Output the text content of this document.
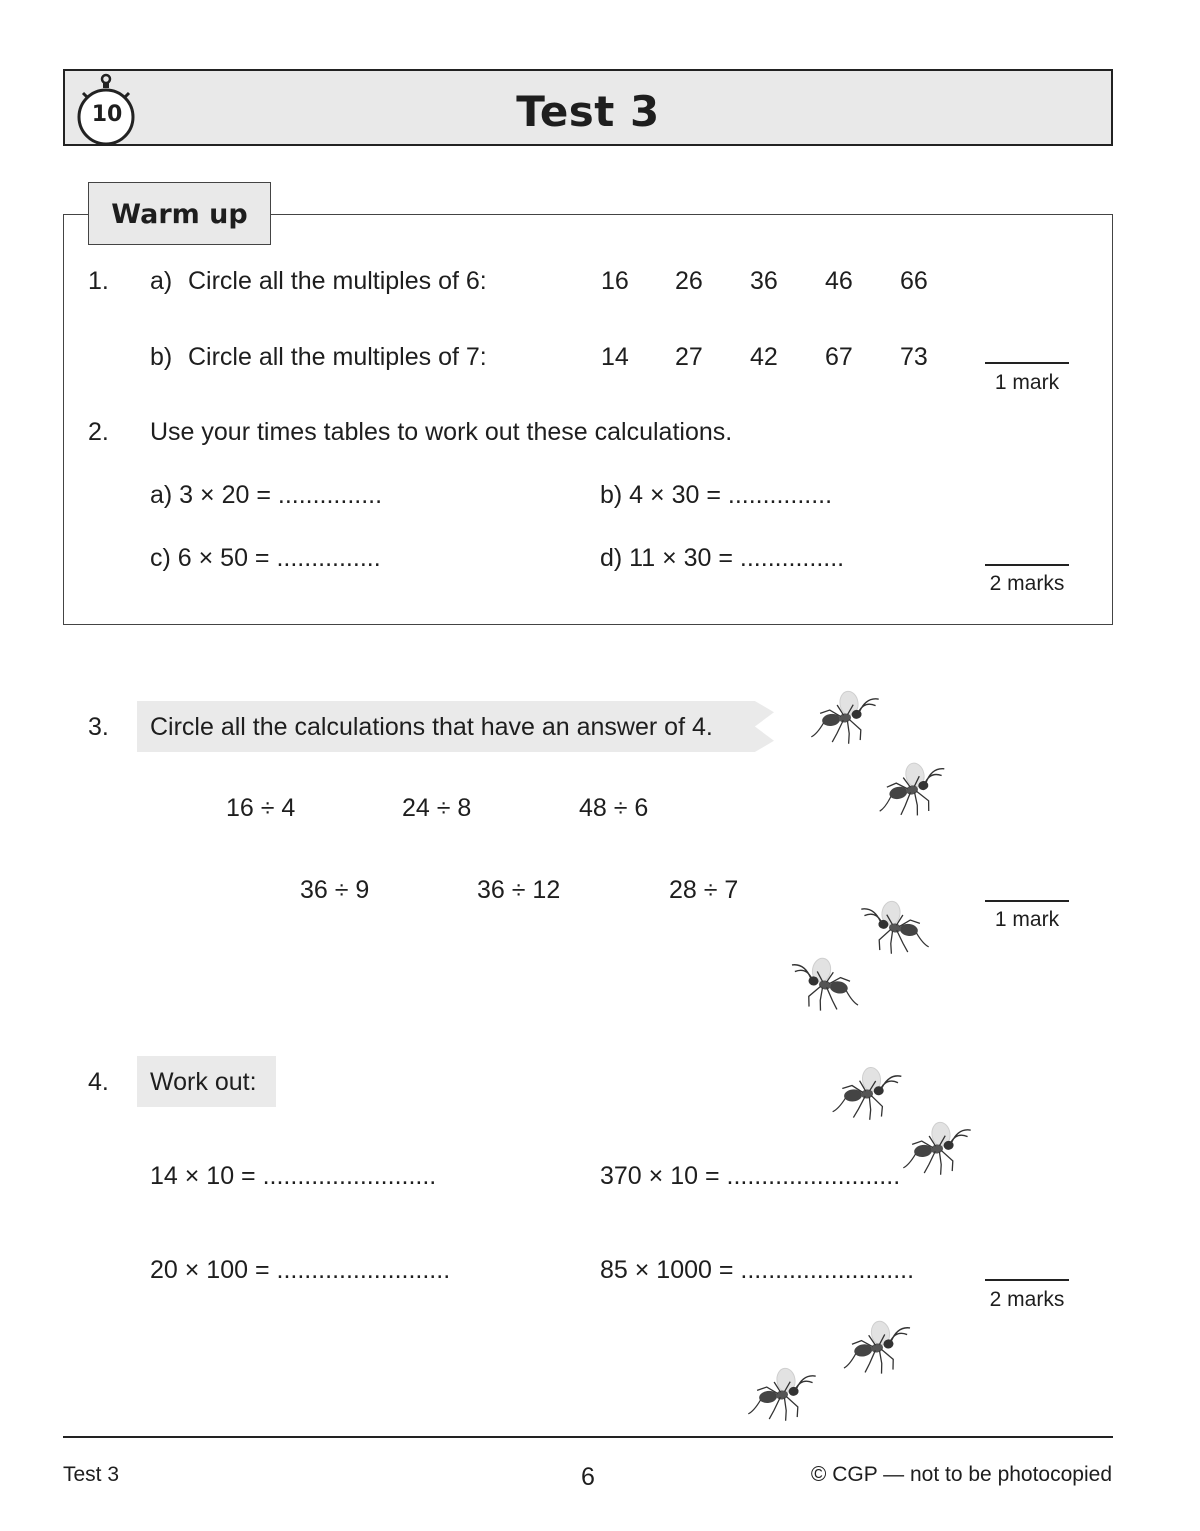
10	Test 3
Warm up
1. a) Circle all the multiples of 6:	16 26 36 46 66
b) Circle all the multiples of 7:	14 27 42 67 73
1 mark
2. Use your times tables to work out these calculations.
a) 3 × 20 = ...............	b) 4 × 30 = ...............
c) 6 × 50 = ...............	d) 11 × 30 = ...............
2 marks
3. Circle all the calculations that have an answer of 4.
16 ÷ 4	24 ÷ 8	48 ÷ 6
36 ÷ 9	36 ÷ 12	28 ÷ 7
1 mark
4. Work out:
14 × 10 = .........................	370 × 10 = .........................
20 × 100 = .........................	85 × 1000 = .........................
2 marks
Test 3	6	© CGP — not to be photocopied
